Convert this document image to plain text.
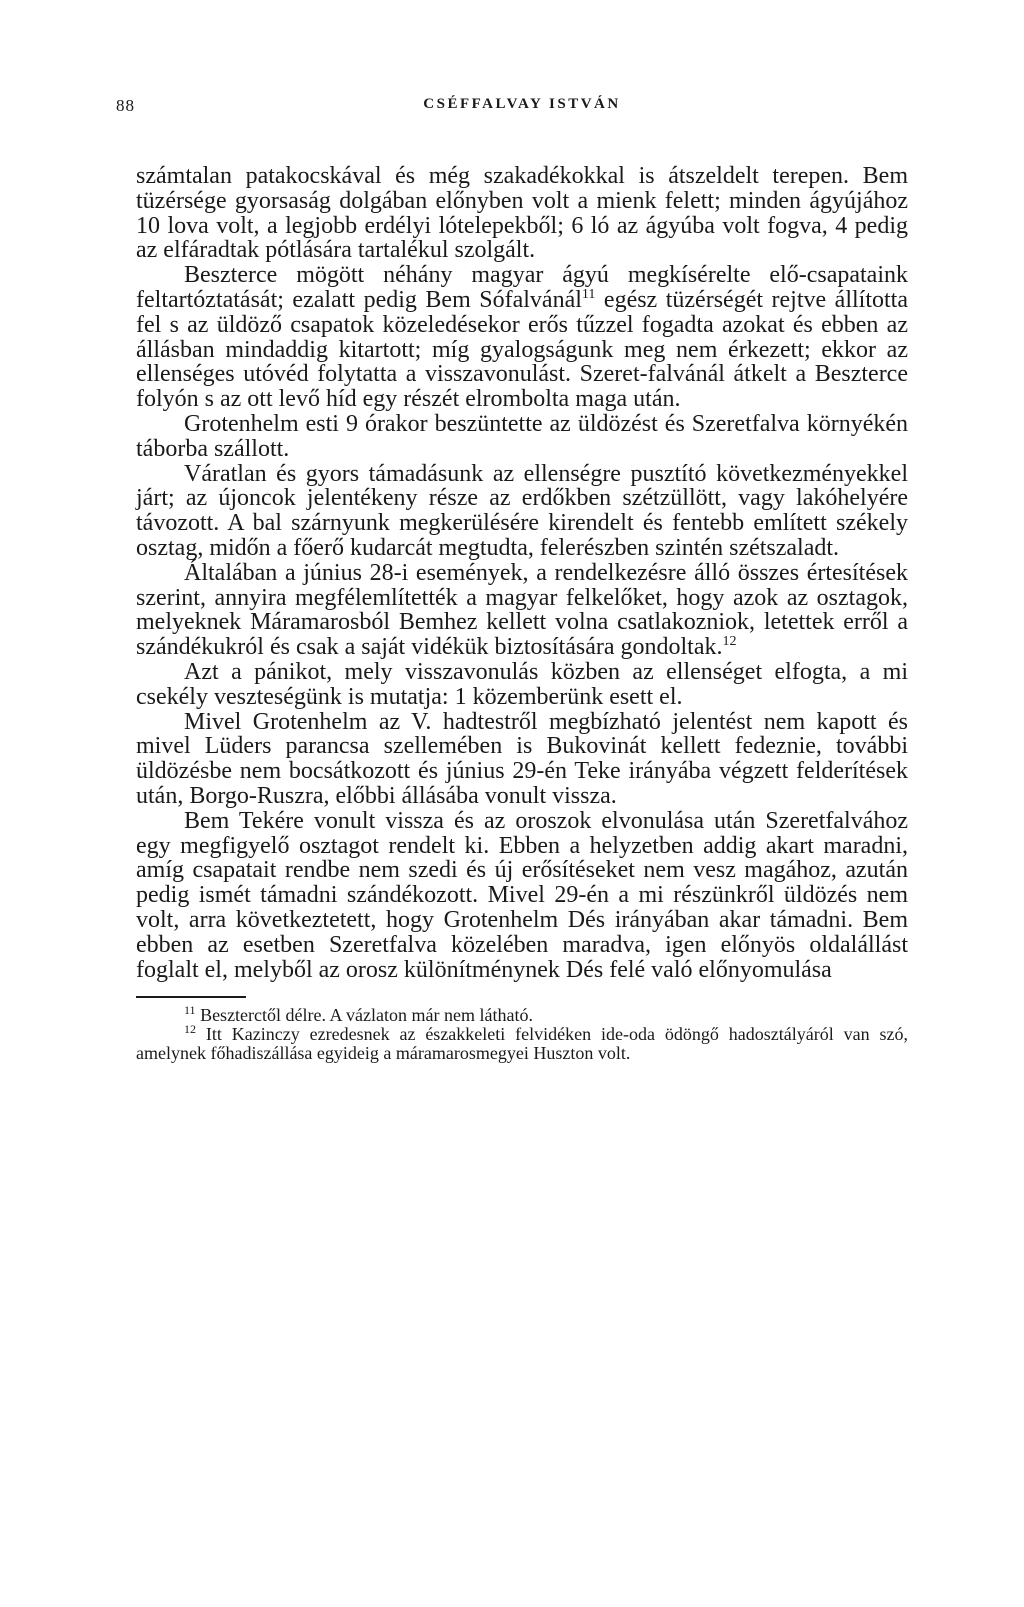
88	CSÉFFALVAY ISTVÁN

számtalan patakocskával és még szakadékokkal is átszeldelt terepen. Bem tüzérsége gyorsaság dolgában előnyben volt a mienk felett; minden ágyújához 10 lova volt, a legjobb erdélyi lótelepekből; 6 ló az ágyúba volt fogva, 4 pedig az elfáradtak pótlására tartalékul szolgált.

Beszterce mögött néhány magyar ágyú megkísérelte elő-csapataink feltartóztatását; ezalatt pedig Bem Sófalvánál$^{11}$ egész tüzérségét rejtve állította fel s az üldöző csapatok közeledésekor erős tűzzel fogadta azokat és ebben az állásban mindaddig kitartott; míg gyalogságunk meg nem érkezett; ekkor az ellenséges utóvéd folytatta a visszavonulást. Szeret-falvánál átkelt a Beszterce folyón s az ott levő híd egy részét elrombolta maga után.

Grotenhelm esti 9 órakor beszüntette az üldözést és Szeretfalva környékén táborba szállott.

Váratlan és gyors támadásunk az ellenségre pusztító következményekkel járt; az újoncok jelentékeny része az erdőkben szétzüllött, vagy lakóhelyére távozott. A bal szárnyunk megkerülésére kirendelt és fentebb említett székely osztag, midőn a főerő kudarcát megtudta, felerészben szintén szétszaladt.

Általában a június 28-i események, a rendelkezésre álló összes értesítések szerint, annyira megfélemlítették a magyar felkelőket, hogy azok az osztagok, melyeknek Máramarosból Bemhez kellett volna csatlakozniok, letettek erről a szándékukról és csak a saját vidékük biztosítására gondoltak.$^{12}$

Azt a pánikot, mely visszavonulás közben az ellenséget elfogta, a mi csekély veszteségünk is mutatja: 1 közemberünk esett el.

Mivel Grotenhelm az V. hadtestről megbízható jelentést nem kapott és mivel Lüders parancsa szellemében is Bukovinát kellett fedeznie, további üldözésbe nem bocsátkozott és június 29-én Teke irányába végzett felderítések után, Borgo-Ruszra, előbbi állásába vonult vissza.

Bem Tekére vonult vissza és az oroszok elvonulása után Szeretfalvához egy megfigyelő osztagot rendelt ki. Ebben a helyzetben addig akart maradni, amíg csapatait rendbe nem szedi és új erősítéseket nem vesz magához, azután pedig ismét támadni szándékozott. Mivel 29-én a mi részünkről üldözés nem volt, arra következtetett, hogy Grotenhelm Dés irányában akar támadni. Bem ebben az esetben Szeretfalva közelében maradva, igen előnyös oldalállást foglalt el, melyből az orosz különítménynek Dés felé való előnyomulása

$^{11}$ Beszterctől délre. A vázlaton már nem látható.

$^{12}$ Itt Kazinczy ezredesnek az északkeleti felvidéken ide-oda ödöngő hadosztályáról van szó, amelynek főhadiszállása egyideig a máramarosmegyei Huszton volt.
